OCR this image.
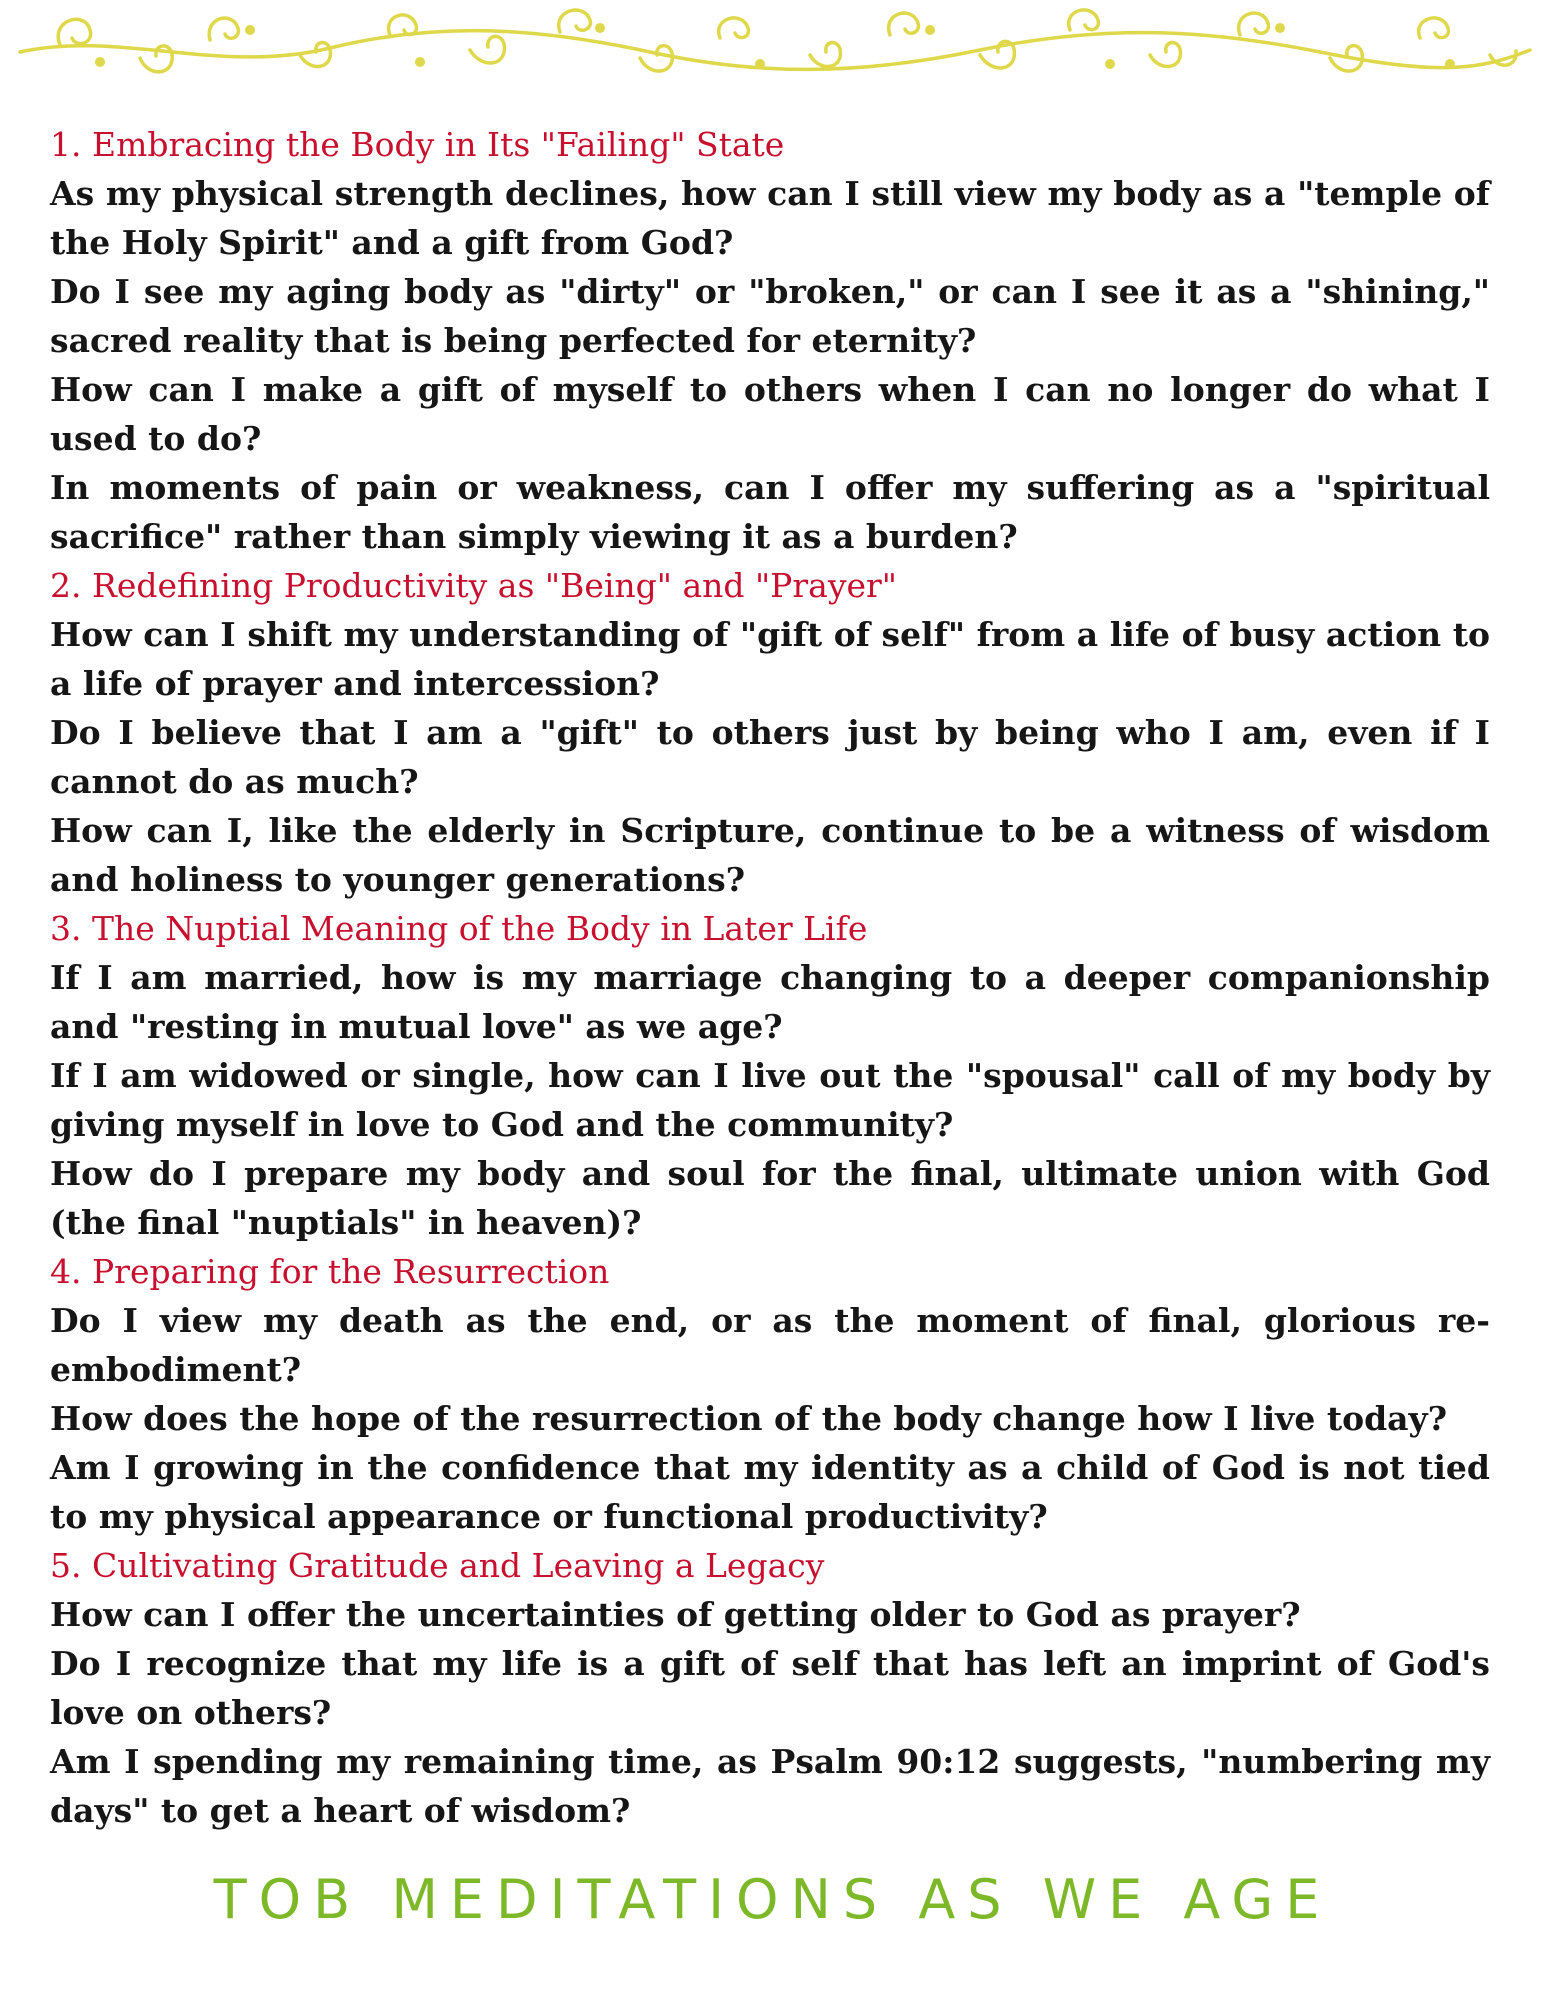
1. Embracing the Body in Its "Failing" State

As my physical strength declines, how can I still view my body as a "temple of the Holy Spirit" and a gift from God?

Do I see my aging body as "dirty" or "broken," or can I see it as a "shining," sacred reality that is being perfected for eternity?

How can I make a gift of myself to others when I can no longer do what I used to do?

In moments of pain or weakness, can I offer my suffering as a "spiritual sacrifice" rather than simply viewing it as a burden?

2. Redefining Productivity as "Being" and "Prayer"

How can I shift my understanding of "gift of self" from a life of busy action to a life of prayer and intercession?

Do I believe that I am a "gift" to others just by being who I am, even if I cannot do as much?

How can I, like the elderly in Scripture, continue to be a witness of wisdom and holiness to younger generations?

3. The Nuptial Meaning of the Body in Later Life

If I am married, how is my marriage changing to a deeper companionship and "resting in mutual love" as we age?

If I am widowed or single, how can I live out the "spousal" call of my body by giving myself in love to God and the community?

How do I prepare my body and soul for the final, ultimate union with God (the final "nuptials" in heaven)?

4. Preparing for the Resurrection

Do I view my death as the end, or as the moment of final, glorious re-embodiment?

How does the hope of the resurrection of the body change how I live today?

Am I growing in the confidence that my identity as a child of God is not tied to my physical appearance or functional productivity?

5. Cultivating Gratitude and Leaving a Legacy

How can I offer the uncertainties of getting older to God as prayer?

Do I recognize that my life is a gift of self that has left an imprint of God's love on others?

Am I spending my remaining time, as Psalm 90:12 suggests, "numbering my days" to get a heart of wisdom?

TOB MEDITATIONS AS WE AGE
